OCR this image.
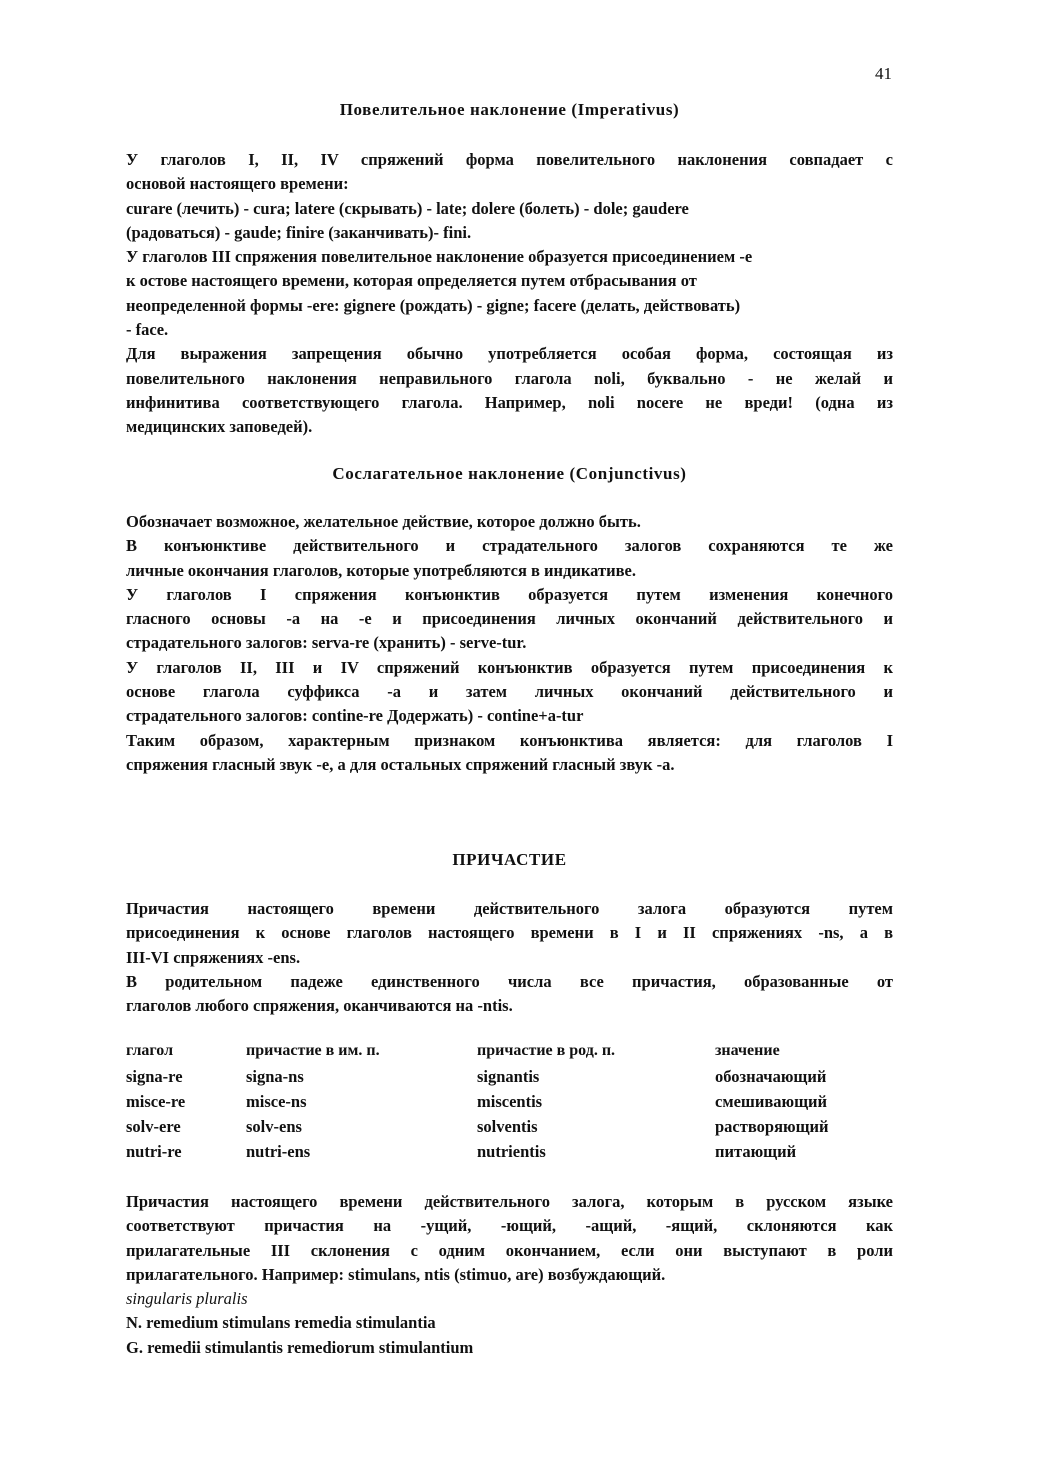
41
Повелительное наклонение (Imperativus)
У глаголов I, II, IV спряжений форма повелительного наклонения совпадает с
основой настоящего времени:
curare (лечить) - cura; latere (скрывать) - late; dolere (болеть) - dole; gaudere
(радоваться) - gaude; finire (заканчивать)- fini.
У глаголов III спряжения повелительное наклонение образуется присоединением -е
к остове настоящего времени, которая определяется путем отбрасывания от
неопределенной формы -ere: gignere (рождать) - gigne; facere (делать, действовать)
- face.
Для выражения запрещения обычно употребляется особая форма, состоящая из
повелительного наклонения неправильного глагола noli, буквально - не желай и
инфинитива соответствующего глагола. Например, noli nocere не вреди! (одна из
медицинских заповедей).
Сослагательное наклонение (Conjunctivus)
Обозначает возможное, желательное действие, которое должно быть.
В конъюнктиве действительного и страдательного залогов сохраняются те же
личные окончания глаголов, которые употребляются в индикативе.
У глаголов I спряжения конъюнктив образуется путем изменения конечного
гласного основы -а на -е и присоединения личных окончаний действительного и
страдательного залогов: serva-re (хранить) - serve-tur.
У глаголов II, III и IV спряжений конъюнктив образуется путем присоединения к
основе глагола суффикса -а и затем личных окончаний действительного и
страдательного залогов: contine-re Додержать) - contine+a-tur
Таким образом, характерным признаком конъюнктива является: для глаголов I
спряжения гласный звук -е, а для остальных спряжений гласный звук -а.
ПРИЧАСТИЕ
Причастия настоящего времени действительного залога образуются путем
присоединения к основе глаголов настоящего времени в I и II спряжениях -ns, а в
III-VI спряжениях -ens.
В родительном падеже единственного числа все причастия, образованные от
глаголов любого спряжения, оканчиваются на -ntis.
глагол	причастие в им. п.	причастие в род. п.	значение
signa-re	signa-ns	signantis	обозначающий
misce-re	misce-ns	miscentis	смешивающий
solv-ere	solv-ens	solventis	растворяющий
nutri-re	nutri-ens	nutrientis	питающий
Причастия настоящего времени действительного залога, которым в русском языке
соответствуют причастия на -ущий, -ющий, -ащий, -ящий, склоняются как
прилагательные III склонения с одним окончанием, если они выступают в роли
прилагательного. Например: stimulans, ntis (stimuo, are) возбуждающий.
singularis pluralis
N. remedium stimulans remedia stimulantia
G. remedii stimulantis remediorum stimulantium
